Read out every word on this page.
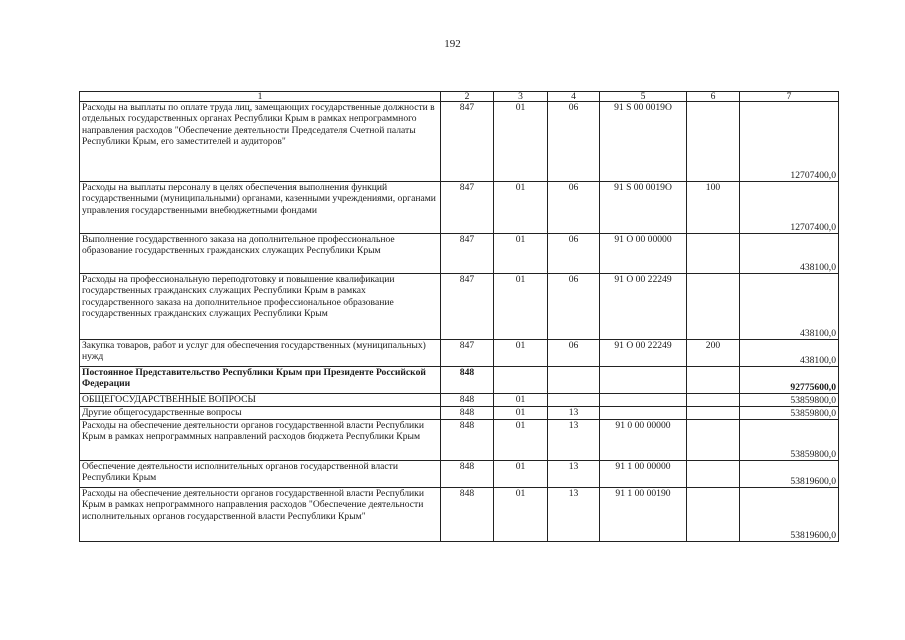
192
1	2	3	4	5	6	7
Расходы на выплаты по оплате труда лиц, замещающих государственные должности в отдельных государственных органах Республики Крым в рамках непрограммного направления расходов "Обеспечение деятельности Председателя Счетной палаты Республики Крым, его заместителей и аудиторов"	847	01	06	91 S 00 0019O		12707400,0
Расходы на выплаты персоналу в целях обеспечения выполнения функций государственными (муниципальными) органами, казенными учреждениями, органами управления государственными внебюджетными фондами	847	01	06	91 S 00 0019O	100	12707400,0
Выполнение государственного заказа на дополнительное профессиональное образование государственных гражданских служащих Республики Крым	847	01	06	91 O 00 00000		438100,0
Расходы на профессиональную переподготовку и повышение квалификации государственных гражданских служащих Республики Крым в рамках государственного заказа на дополнительное профессиональное образование государственных гражданских служащих Республики Крым	847	01	06	91 O 00 22249		438100,0
Закупка товаров, работ и услуг для обеспечения государственных (муниципальных) нужд	847	01	06	91 O 00 22249	200	438100,0
Постоянное Представительство Республики Крым при Президенте Российской Федерации	848					92775600,0
ОБЩЕГОСУДАРСТВЕННЫЕ ВОПРОСЫ	848	01				53859800,0
Другие общегосударственные вопросы	848	01	13			53859800,0
Расходы на обеспечение деятельности органов государственной власти Республики Крым в рамках непрограммных направлений расходов бюджета Республики Крым	848	01	13	91 0 00 00000		53859800,0
Обеспечение деятельности исполнительных органов государственной власти Республики Крым	848	01	13	91 1 00 00000		53819600,0
Расходы на обеспечение деятельности органов государственной власти Республики Крым в рамках непрограммного направления расходов "Обеспечение деятельности исполнительных органов государственной власти Республики Крым"	848	01	13	91 1 00 00190		53819600,0
